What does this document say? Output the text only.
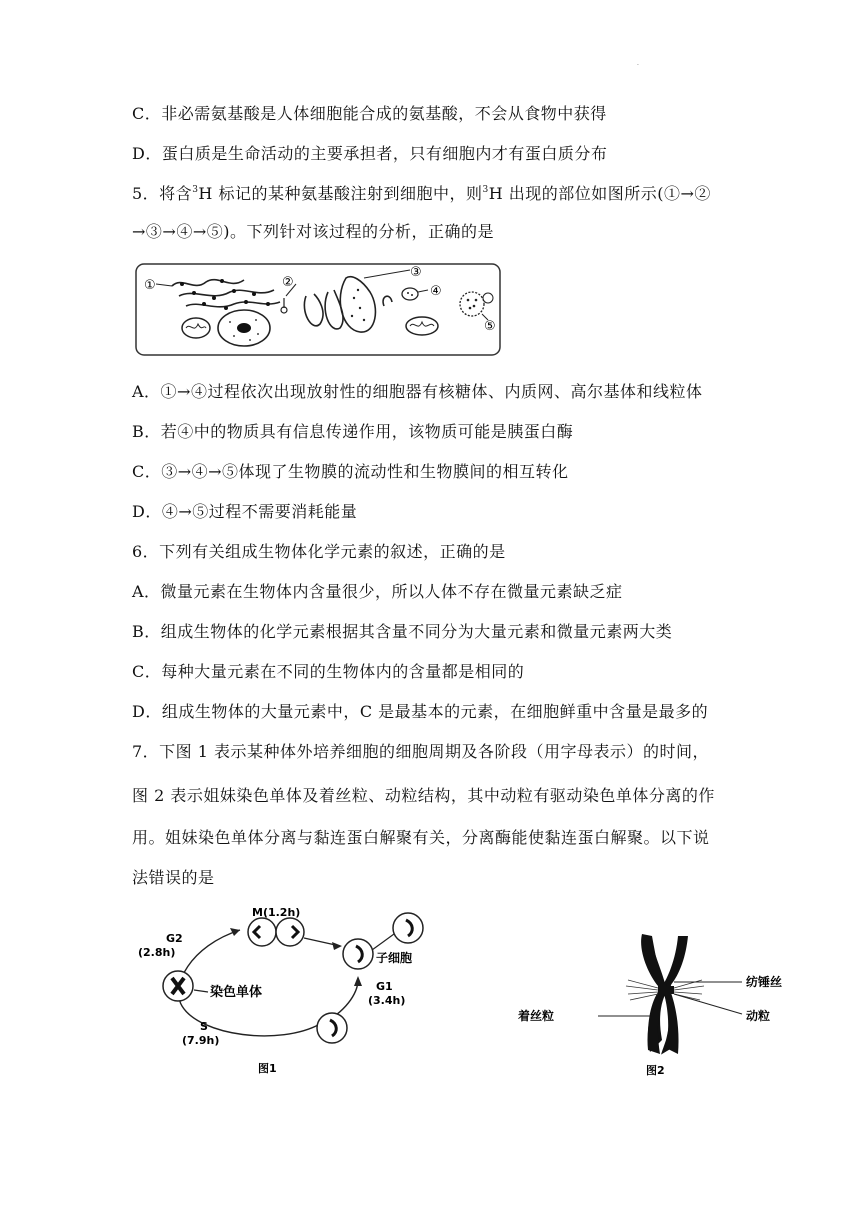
·
C．非必需氨基酸是人体细胞能合成的氨基酸，不会从食物中获得
D．蛋白质是生命活动的主要承担者，只有细胞内才有蛋白质分布
5．将含$^3$H 标记的某种氨基酸注射到细胞中，则$^3$H 出现的部位如图所示(①→②
→③→④→⑤)。下列针对该过程的分析，正确的是
①	②
③
④
⑤
A．①→④过程依次出现放射性的细胞器有核糖体、内质网、高尔基体和线粒体
B．若④中的物质具有信息传递作用，该物质可能是胰蛋白酶
C．③→④→⑤体现了生物膜的流动性和生物膜间的相互转化
D．④→⑤过程不需要消耗能量
6．下列有关组成生物体化学元素的叙述，正确的是
A．微量元素在生物体内含量很少，所以人体不存在微量元素缺乏症
B．组成生物体的化学元素根据其含量不同分为大量元素和微量元素两大类
C．每种大量元素在不同的生物体内的含量都是相同的
D．组成生物体的大量元素中，C 是最基本的元素，在细胞鲜重中含量是最多的
7．下图 1 表示某种体外培养细胞的细胞周期及各阶段（用字母表示）的时间，
图 2 表示姐妹染色单体及着丝粒、动粒结构，其中动粒有驱动染色单体分离的作
用。姐妹染色单体分离与黏连蛋白解聚有关，分离酶能使黏连蛋白解聚。以下说
法错误的是
M(1.2h)
G2
(2.8h)	子细胞
G1
(3.4h)
染色单体
S
(7.9h)
图1
纺锤丝
动粒
着丝粒
图2
